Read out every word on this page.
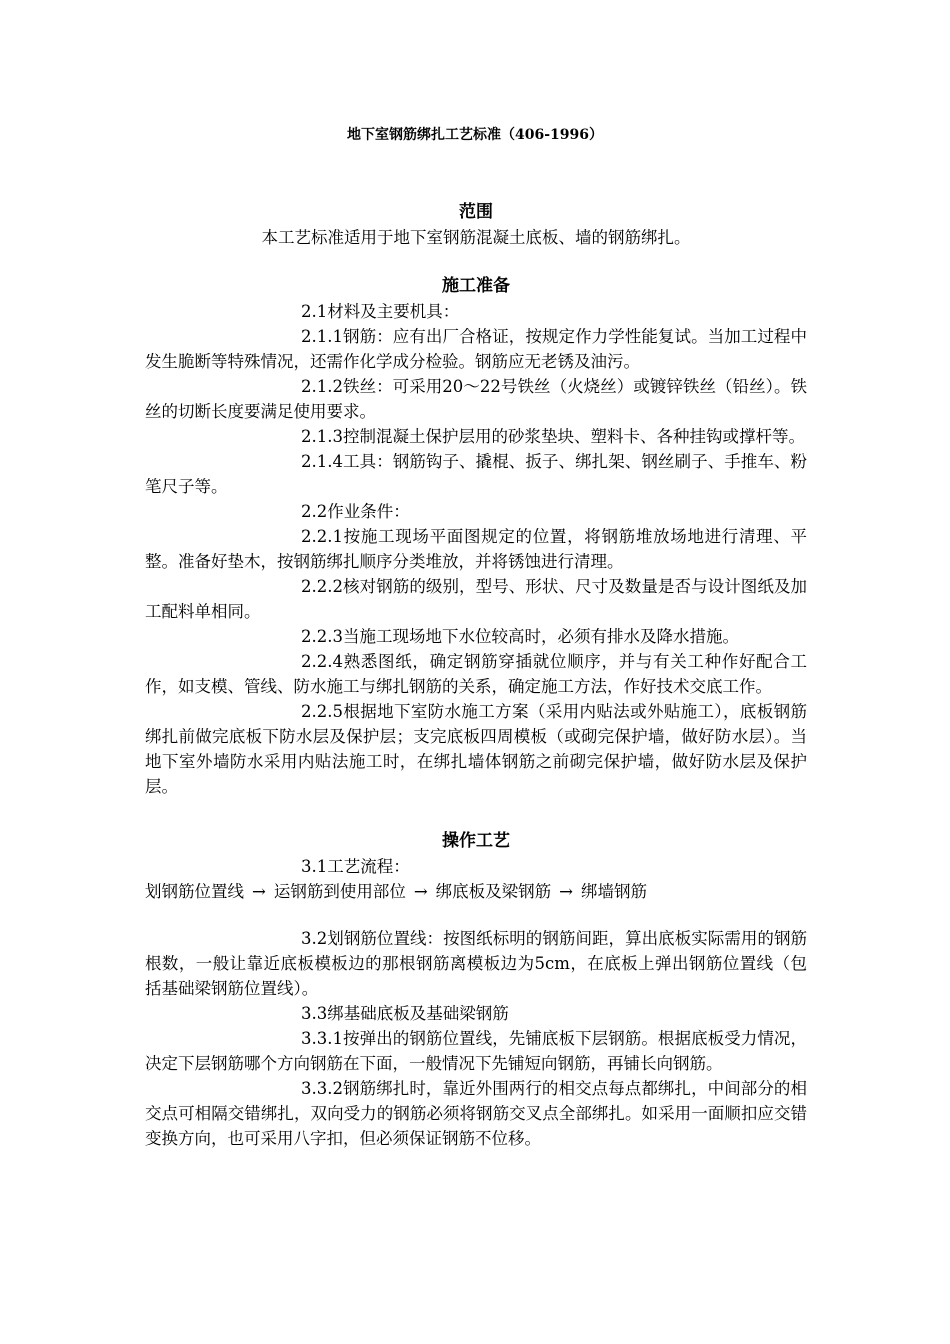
地下室钢筋绑扎工艺标准（406-1996）

范围

本工艺标准适用于地下室钢筋混凝土底板、墙的钢筋绑扎。

施工准备

2.1材料及主要机具：

2.1.1钢筋：应有出厂合格证，按规定作力学性能复试。当加工过程中发生脆断等特殊情况，还需作化学成分检验。钢筋应无老锈及油污。

2.1.2铁丝：可采用20～22号铁丝（火烧丝）或镀锌铁丝（铅丝）。铁丝的切断长度要满足使用要求。

2.1.3控制混凝土保护层用的砂浆垫块、塑料卡、各种挂钩或撑杆等。

2.1.4工具：钢筋钩子、撬棍、扳子、绑扎架、钢丝刷子、手推车、粉笔尺子等。

2.2作业条件：

2.2.1按施工现场平面图规定的位置，将钢筋堆放场地进行清理、平整。准备好垫木，按钢筋绑扎顺序分类堆放，并将锈蚀进行清理。

2.2.2核对钢筋的级别，型号、形状、尺寸及数量是否与设计图纸及加工配料单相同。

2.2.3当施工现场地下水位较高时，必须有排水及降水措施。

2.2.4熟悉图纸，确定钢筋穿插就位顺序，并与有关工种作好配合工作，如支模、管线、防水施工与绑扎钢筋的关系，确定施工方法，作好技术交底工作。

2.2.5根据地下室防水施工方案（采用内贴法或外贴施工），底板钢筋绑扎前做完底板下防水层及保护层；支完底板四周模板（或砌完保护墙，做好防水层）。当地下室外墙防水采用内贴法施工时，在绑扎墙体钢筋之前砌完保护墙，做好防水层及保护层。

操作工艺

3.1工艺流程：

划钢筋位置线 → 运钢筋到使用部位 → 绑底板及梁钢筋 → 绑墙钢筋

3.2划钢筋位置线：按图纸标明的钢筋间距，算出底板实际需用的钢筋根数，一般让靠近底板模板边的那根钢筋离模板边为5cm，在底板上弹出钢筋位置线（包括基础梁钢筋位置线）。

3.3绑基础底板及基础梁钢筋

3.3.1按弹出的钢筋位置线，先铺底板下层钢筋。根据底板受力情况，决定下层钢筋哪个方向钢筋在下面，一般情况下先铺短向钢筋，再铺长向钢筋。

3.3.2钢筋绑扎时，靠近外围两行的相交点每点都绑扎，中间部分的相交点可相隔交错绑扎，双向受力的钢筋必须将钢筋交叉点全部绑扎。如采用一面顺扣应交错变换方向，也可采用八字扣，但必须保证钢筋不位移。
